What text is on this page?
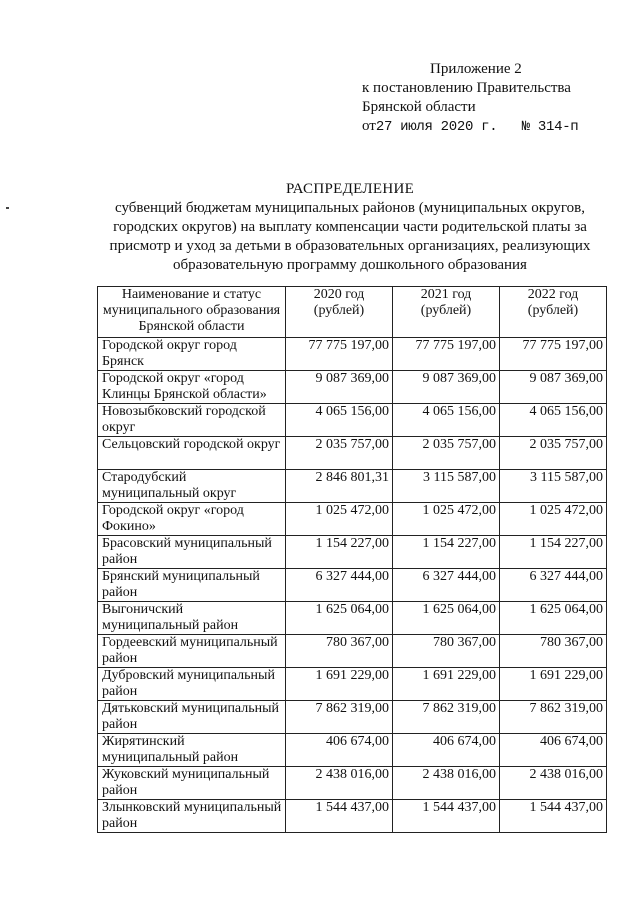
Приложение 2
к постановлению Правительства
Брянской области
от27 июля 2020 г. № 314-п
РАСПРЕДЕЛЕНИЕ
субвенций бюджетам муниципальных районов (муниципальных округов, городских округов) на выплату компенсации части родительской платы за присмотр и уход за детьми в образовательных организациях, реализующих образовательную программу дошкольного образования
Наименование и статус муниципального образования Брянской области	2020 год (рублей)	2021 год (рублей)	2022 год (рублей)
Городской округ город Брянск	77 775 197,00	77 775 197,00	77 775 197,00
Городской округ «город Клинцы Брянской области»	9 087 369,00	9 087 369,00	9 087 369,00
Новозыбковский городской округ	4 065 156,00	4 065 156,00	4 065 156,00
Сельцовский городской округ	2 035 757,00	2 035 757,00	2 035 757,00
Стародубский муниципальный округ	2 846 801,31	3 115 587,00	3 115 587,00
Городской округ «город Фокино»	1 025 472,00	1 025 472,00	1 025 472,00
Брасовский муниципальный район	1 154 227,00	1 154 227,00	1 154 227,00
Брянский муниципальный район	6 327 444,00	6 327 444,00	6 327 444,00
Выгоничский муниципальный район	1 625 064,00	1 625 064,00	1 625 064,00
Гордеевский муниципальный район	780 367,00	780 367,00	780 367,00
Дубровский муниципальный район	1 691 229,00	1 691 229,00	1 691 229,00
Дятьковский муниципальный район	7 862 319,00	7 862 319,00	7 862 319,00
Жирятинский муниципальный район	406 674,00	406 674,00	406 674,00
Жуковский муниципальный район	2 438 016,00	2 438 016,00	2 438 016,00
Злынковский муниципальный район	1 544 437,00	1 544 437,00	1 544 437,00
